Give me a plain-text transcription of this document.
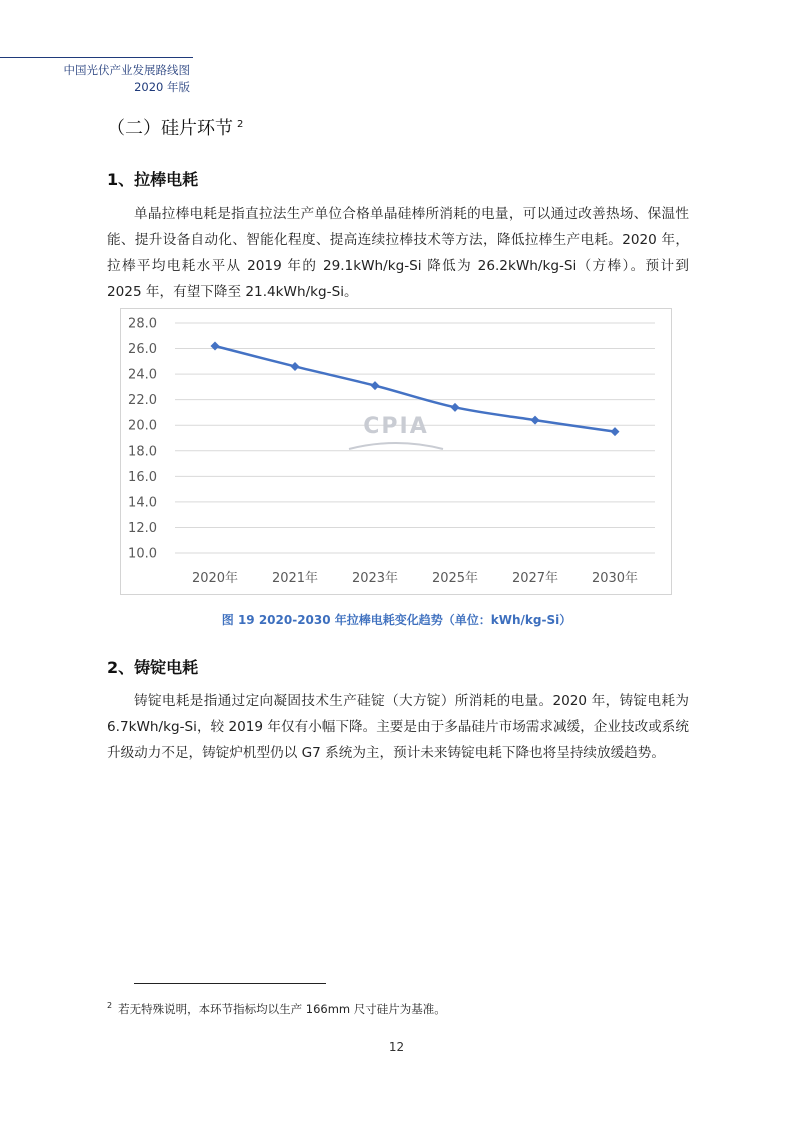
中国光伏产业发展路线图
2020 年版
（二）硅片环节 $^2$
1、拉棒电耗

单晶拉棒电耗是指直拉法生产单位合格单晶硅棒所消耗的电量，可以通过改善热场、保温性能、提升设备自动化、智能化程度、提高连续拉棒技术等方法，降低拉棒生产电耗。2020 年，拉棒平均电耗水平从 2019 年的 29.1kWh/kg-Si 降低为 26.2kWh/kg-Si（方棒）。预计到 2025 年，有望下降至 21.4kWh/kg-Si。

10.0
12.0
14.0
16.0
18.0
20.0
22.0
24.0
26.0
28.0
CPIA
2020年	2021年	2023年	2025年	2027年	2030年
图 19 2020-2030 年拉棒电耗变化趋势（单位：kWh/kg-Si）
2、铸锭电耗

铸锭电耗是指通过定向凝固技术生产硅锭（大方锭）所消耗的电量。2020 年，铸锭电耗为 6.7kWh/kg-Si，较 2019 年仅有小幅下降。主要是由于多晶硅片市场需求减缓，企业技改或系统升级动力不足，铸锭炉机型仍以 G7 系统为主，预计未来铸锭电耗下降也将呈持续放缓趋势。

$^2$ 若无特殊说明，本环节指标均以生产 166mm 尺寸硅片为基准。
12
